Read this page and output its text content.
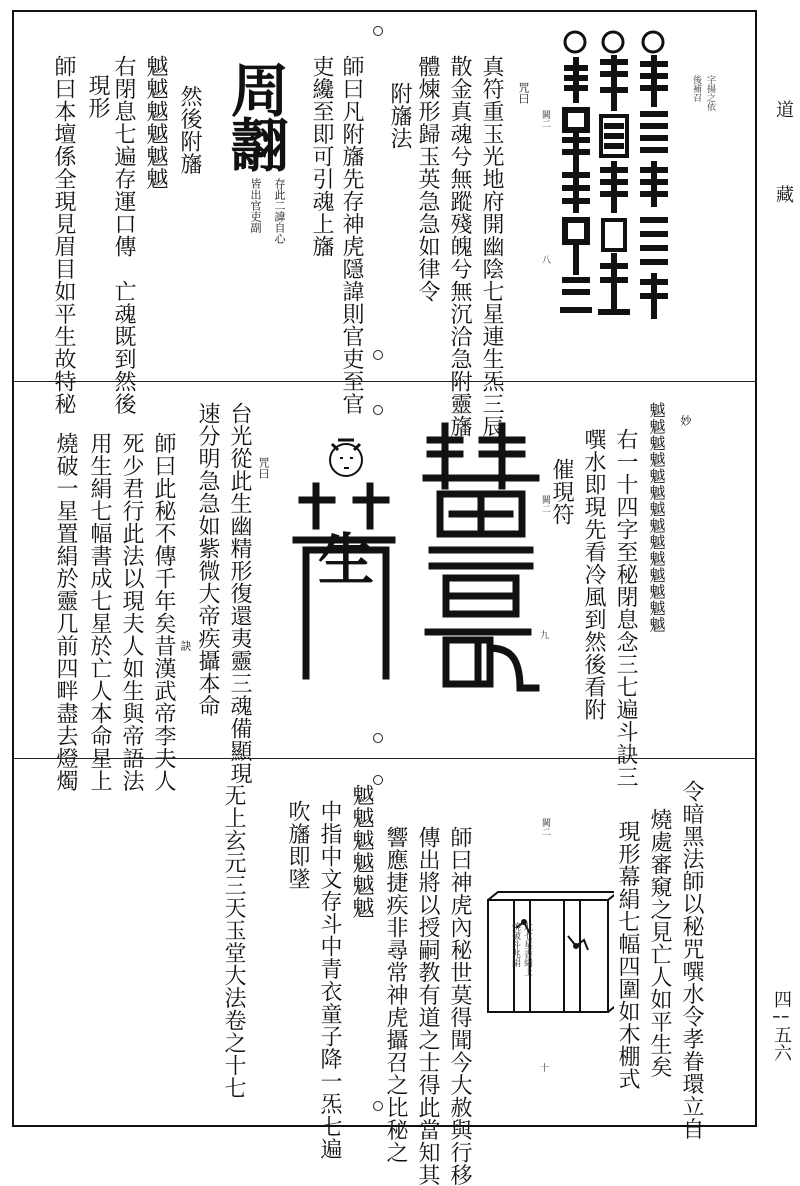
道
藏
四 ¦ 五六
字揚之依
後補召
咒曰
闕二
八
真符重玉光地府開幽陰七星連生炁三辰
散金真魂兮無蹤殘魄兮無沉洽急附靈旛
體煉形歸玉英急急如律令
附旛法
師曰凡附旛先存神虎隱諱則官吏至官
吏纔至即可引魂上旛
周
翿
存此二諱自心
皆出官吏副
然後附旛
魆魆魆魆魆魆
右閉息七遍存運口傳　亡魂既到然後
現形
師曰本壇係全現見眉目如平生故特秘
妙
魆魆魆魆魆魆魆魆魆魆魆魆魆魆
右一十四字至秘閉息念三七遍斗訣三
噀水即現先看冷風到然後看附
催現符
闕二
九
生
咒曰
台光從此生幽精形復還夷靈三魂備顯現
速分明急急如紫微大帝疾攝本命
訣
師曰此秘不傳千年矣昔漢武帝李夫人
死少君行此法以現夫人如生與帝語法
用生絹七幅書成七星於亡人本命星上
燒破一星置絹於靈几前四畔盡去燈燭
令暗黑法師以秘咒噀水令孝眷環立自
燒處審窺之見亡人如平生矣
現形幕絹七幅四圍如木棚式
闕二
十
北七星書絹上
燒破斗兆絹
師曰神虎內秘世莫得聞今大赦與行移
傳出將以授嗣教有道之士得此當知其
響應捷疾非尋常神虎攝召之比秘之
魆魆魆魆魆魆
中指中文存斗中青衣童子降一炁七遍
吹旛即墜
无上玄元三天玉堂大法卷之十七
